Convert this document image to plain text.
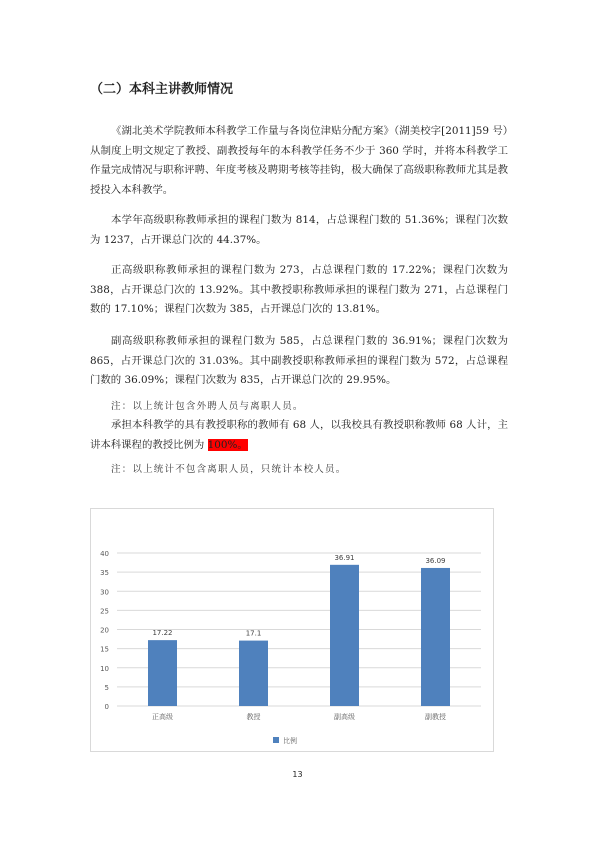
（二）本科主讲教师情况
《湖北美术学院教师本科教学工作量与各岗位津贴分配方案》（湖美校字[2011]59 号）从制度上明文规定了教授、副教授每年的本科教学任务不少于 360 学时，并将本科教学工作量完成情况与职称评聘、年度考核及聘期考核等挂钩，极大确保了高级职称教师尤其是教授投入本科教学。
本学年高级职称教师承担的课程门数为 814，占总课程门数的 51.36%；课程门次数为 1237，占开课总门次的 44.37%。
正高级职称教师承担的课程门数为 273，占总课程门数的 17.22%；课程门次数为 388，占开课总门次的 13.92%。其中教授职称教师承担的课程门数为 271，占总课程门数的 17.10%；课程门次数为 385，占开课总门次的 13.81%。
副高级职称教师承担的课程门数为 585，占总课程门数的 36.91%；课程门次数为 865，占开课总门次的 31.03%。其中副教授职称教师承担的课程门数为 572，占总课程门数的 36.09%；课程门次数为 835，占开课总门次的 29.95%。
注：以上统计包含外聘人员与离职人员。
承担本科教学的具有教授职称的教师有 68 人，以我校具有教授职称教师 68 人计，主讲本科课程的教授比例为 100%。
注：以上统计不包含离职人员，只统计本校人员。
0
5
10
15
20
25
30
35
40
17.22
正高级
17.1
教授
36.91
副高级
36.09
副教授
比例
13
